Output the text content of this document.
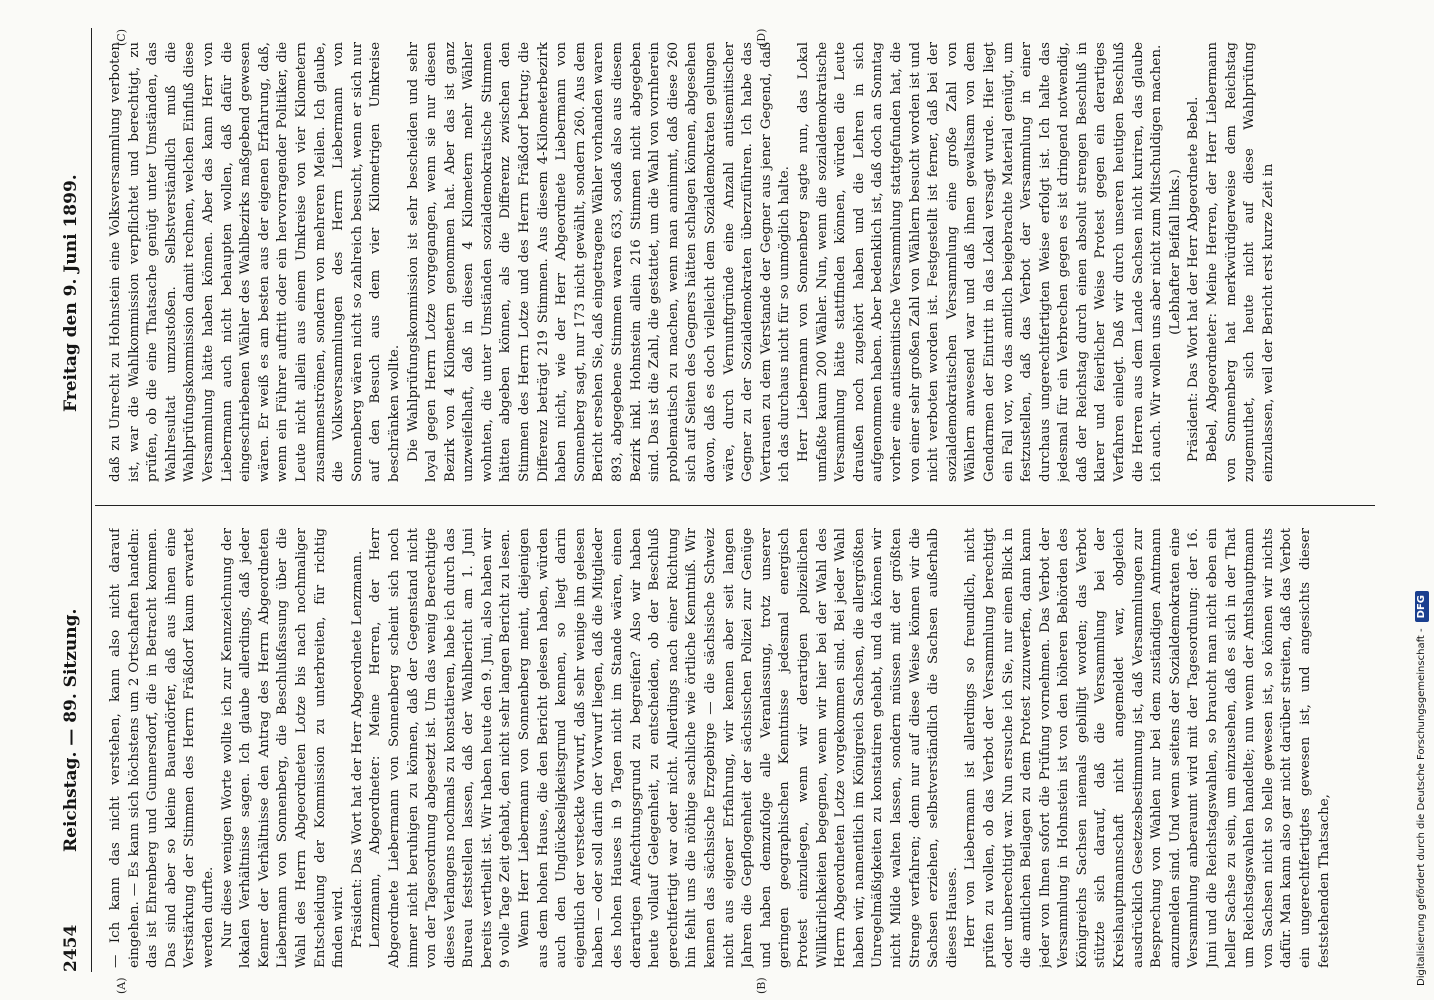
2454
Reichstag. — 89. Sitzung.
Freitag den 9. Juni 1899.
(A)	(B)
(C)	(D)

— Ich kann das nicht verstehen, kann also nicht darauf eingehen. — Es kann sich höchstens um 2 Ortschaften handeln: das ist Ehrenberg und Gunnersdorf, die in Betracht kommen. Das sind aber so kleine Bauerndörfer, daß aus ihnen eine Verstärkung der Stimmen des Herrn Fräßdorf kaum erwartet werden durfte. Nur diese wenigen Worte wollte ich zur Kennzeichnung der lokalen Verhältnisse sagen. Ich glaube allerdings, daß jeder Kenner der Verhältnisse den Antrag des Herrn Abgeordneten Liebermann von Sonnenberg, die Beschlußfassung über die Wahl des Herrn Abgeordneten Lotze bis nach nochmaliger Entscheidung der Kommission zu unterbreiten, für richtig finden wird. Präsident: Das Wort hat der Herr Abgeordnete Lenzmann. Lenzmann, Abgeordneter: Meine Herren, der Herr Abgeordnete Liebermann von Sonnenberg scheint sich noch immer nicht beruhigen zu können, daß der Gegenstand nicht von der Tagesordnung abgesetzt ist. Um das wenig Berechtigte dieses Verlangens nochmals zu konstatieren, habe ich durch das Bureau feststellen lassen, daß der Wahlbericht am 1. Juni bereits vertheilt ist. Wir haben heute den 9. Juni, also haben wir 9 volle Tage Zeit gehabt, den nicht sehr langen Bericht zu lesen. Wenn Herr Liebermann von Sonnenberg meint, diejenigen aus dem hohen Hause, die den Bericht gelesen haben, würden auch den Unglückseligkeitsgrund kennen, so liegt darin eigentlich der versteckte Vorwurf, daß sehr wenige ihn gelesen haben — oder soll darin der Vorwurf liegen, daß die Mitglieder des hohen Hauses in 9 Tagen nicht im Stande wären, einen derartigen Anfechtungsgrund zu begreifen? Also wir haben heute vollauf Gelegenheit, zu entscheiden, ob der Beschluß gerechtfertigt war oder nicht. Allerdings nach einer Richtung hin fehlt uns die nöthige sachliche wie örtliche Kenntniß. Wir kennen das sächsische Erzgebirge — die sächsische Schweiz nicht aus eigener Erfahrung, wir kennen aber seit langen Jahren die Gepflogenheit der sächsischen Polizei zur Genüge und haben demzufolge alle Veranlassung, trotz unserer geringen geographischen Kenntnisse jedesmal energisch Protest einzulegen, wenn wir derartigen polizeilichen Willkürlichkeiten begegnen, wenn wir hier bei der Wahl des Herrn Abgeordneten Lotze vorgekommen sind. Bei jeder Wahl haben wir, namentlich im Königreich Sachsen, die allergrößten Unregelmäßigkeiten zu konstatiren gehabt, und da können wir nicht Milde walten lassen, sondern müssen mit der größten Strenge verfahren; denn nur auf diese Weise können wir die Sachsen erziehen, selbstverständlich die Sachsen außerhalb dieses Hauses. Herr von Liebermann ist allerdings so freundlich, nicht prüfen zu wollen, ob das Verbot der Versammlung berechtigt oder unberechtigt war. Nun ersuche ich Sie, nur einen Blick in die amtlichen Beilagen zu dem Protest zuzuwerfen, dann kann jeder von Ihnen sofort die Prüfung vornehmen. Das Verbot der Versammlung in Hohnstein ist von den höheren Behörden des Königreichs Sachsen niemals gebilligt worden; das Verbot stützte sich darauf, daß die Versammlung bei der Kreishauptmannschaft nicht angemeldet war, obgleich ausdrücklich Gesetzesbestimmung ist, daß Versammlungen zur Besprechung von Wahlen nur bei dem zuständigen Amtmann anzumelden sind. Und wenn seitens der Sozialdemokraten eine Versammlung anberaumt wird mit der Tagesordnung: der 16. Juni und die Reichstagswahlen, so braucht man nicht eben ein heller Sachse zu sein, um einzusehen, daß es sich in der That um Reichstagswahlen handelte; nun wenn der Amtshauptmann von Sachsen nicht so helle gewesen ist, so können wir nichts dafür. Man kann also gar nicht darüber streiten, daß das Verbot ein ungerechtfertigtes gewesen ist, und angesichts dieser feststehenden Thatsache,

daß zu Unrecht zu Hohnstein eine Volksversammlung verboten ist, war die Wahlkommission verpflichtet und berechtigt, zu prüfen, ob die eine Thatsache genügt unter Umständen, das Wahlresultat umzustoßen. Selbstverständlich muß die Wahlprüfungskommission damit rechnen, welchen Einfluß diese Versammlung hätte haben können. Aber das kann Herr von Liebermann auch nicht behaupten wollen, daß dafür die eingeschriebenen Wähler des Wahlbezirks maßgebend gewesen wären. Er weiß es am besten aus der eigenen Erfahrung, daß, wenn ein Führer auftritt oder ein hervorragender Politiker, die Leute nicht allein aus einem Umkreise von vier Kilometern zusammenströmen, sondern von mehreren Meilen. Ich glaube, die Volksversammlungen des Herrn Liebermann von Sonnenberg wären nicht so zahlreich besucht, wenn er sich nur auf den Besuch aus dem vier Kilometrigen Umkreise beschränken wollte. Die Wahlprüfungskommission ist sehr bescheiden und sehr loyal gegen Herrn Lotze vorgegangen, wenn sie nur diesen Bezirk von 4 Kilometern genommen hat. Aber das ist ganz unzweifelhaft, daß in diesen 4 Kilometern mehr Wähler wohnten, die unter Umständen sozialdemokratische Stimmen hätten abgeben können, als die Differenz zwischen den Stimmen des Herrn Lotze und des Herrn Fräßdorf betrug; die Differenz beträgt 219 Stimmen. Aus diesem 4-Kilometerbezirk haben nicht, wie der Herr Abgeordnete Liebermann von Sonnenberg sagt, nur 173 nicht gewählt, sondern 260. Aus dem Bericht ersehen Sie, daß eingetragene Wähler vorhanden waren 893, abgegebene Stimmen waren 633, sodaß also aus diesem Bezirk inkl. Hohnstein allein 216 Stimmen nicht abgegeben sind. Das ist die Zahl, die gestattet, um die Wahl von vornherein problematisch zu machen, wenn man annimmt, daß diese 260 sich auf Seiten des Gegners hätten schlagen können, abgesehen davon, daß es doch vielleicht dem Sozialdemokraten gelungen wäre, durch Vernunftgründe eine Anzahl antisemitischer Gegner zu der Sozialdemokraten überzuführen. Ich habe das Vertrauen zu dem Verstande der Gegner aus jener Gegend, daß ich das durchaus nicht für so unmöglich halte. Herr Liebermann von Sonnenberg sagte nun, das Lokal umfaßte kaum 200 Wähler. Nun, wenn die sozialdemokratische Versammlung hätte stattfinden können, würden die Leute draußen noch zugehört haben und die Lehren in sich aufgenommen haben. Aber bedenklich ist, daß doch an Sonntag vorher eine antisemitische Versammlung stattgefunden hat, die von einer sehr großen Zahl von Wählern besucht worden ist und nicht verboten worden ist. Festgestellt ist ferner, daß bei der sozialdemokratischen Versammlung eine große Zahl von Wählern anwesend war und daß ihnen gewaltsam von dem Gendarmen der Eintritt in das Lokal versagt wurde. Hier liegt ein Fall vor, wo das amtlich beigebrachte Material genügt, um festzustellen, daß das Verbot der Versammlung in einer durchaus ungerechtfertigten Weise erfolgt ist. Ich halte das jedesmal für ein Verbrechen gegen es ist dringend notwendig, daß der Reichstag durch einen absolut strengen Beschluß in klarer und feierlicher Weise Protest gegen ein derartiges Verfahren einlegt. Daß wir durch unseren heutigen Beschluß die Herren aus dem Lande Sachsen nicht kuriren, das glaube ich auch. Wir wollen uns aber nicht zum Mitschuldigen machen. (Lebhafter Beifall links.) Präsident: Das Wort hat der Herr Abgeordnete Bebel. Bebel, Abgeordneter: Meine Herren, der Herr Liebermann von Sonnenberg hat merkwürdigerweise dem Reichstag zugemuthet, sich heute nicht auf diese Wahlprüfung einzulassen, weil der Bericht erst kurze Zeit in

Digitalisierung gefördert durch die Deutsche Forschungsgemeinschaft -DFG
